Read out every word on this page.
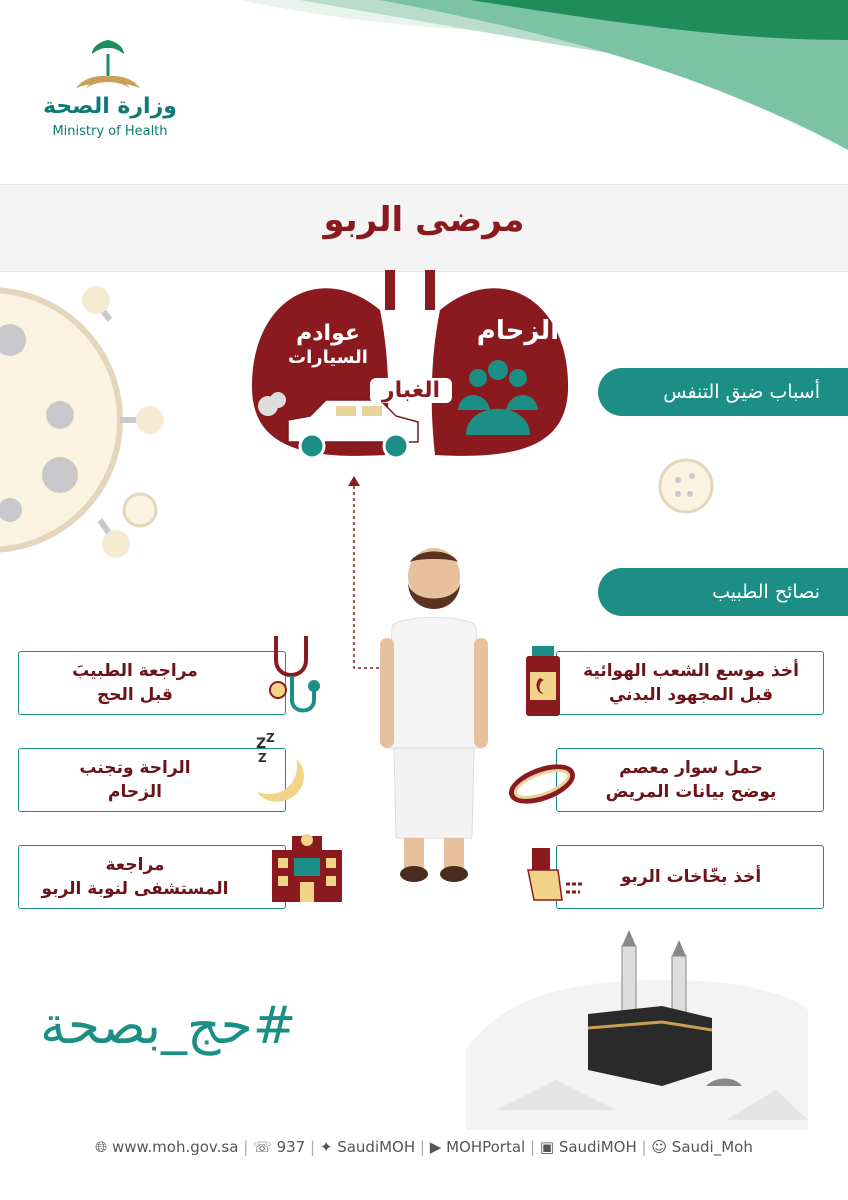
وزارة الصحة
Ministry of Health
مرضى الربو
الزحام
عوادم
السيارات
الغبار	أسباب ضيق التنفس
نصائح الطبيب
أخذ موسع الشعب الهوائية
قبل المجهود البدني
حمل سوار معصم
يوضح بيانات المريض
أخذ بخّاخات الربو
مراجعة الطبيبَ
قبل الحج
الراحة وتجنب
الزحام
Z Z
Z
مراجعة
المستشفى لنوبة الربو
#حج_بصحة
🌐︎ www.moh.gov.sa | ☏ 937 | ✦ SaudiMOH | ▶ MOHPortal | ▣ SaudiMOH | ☺ Saudi_Moh
